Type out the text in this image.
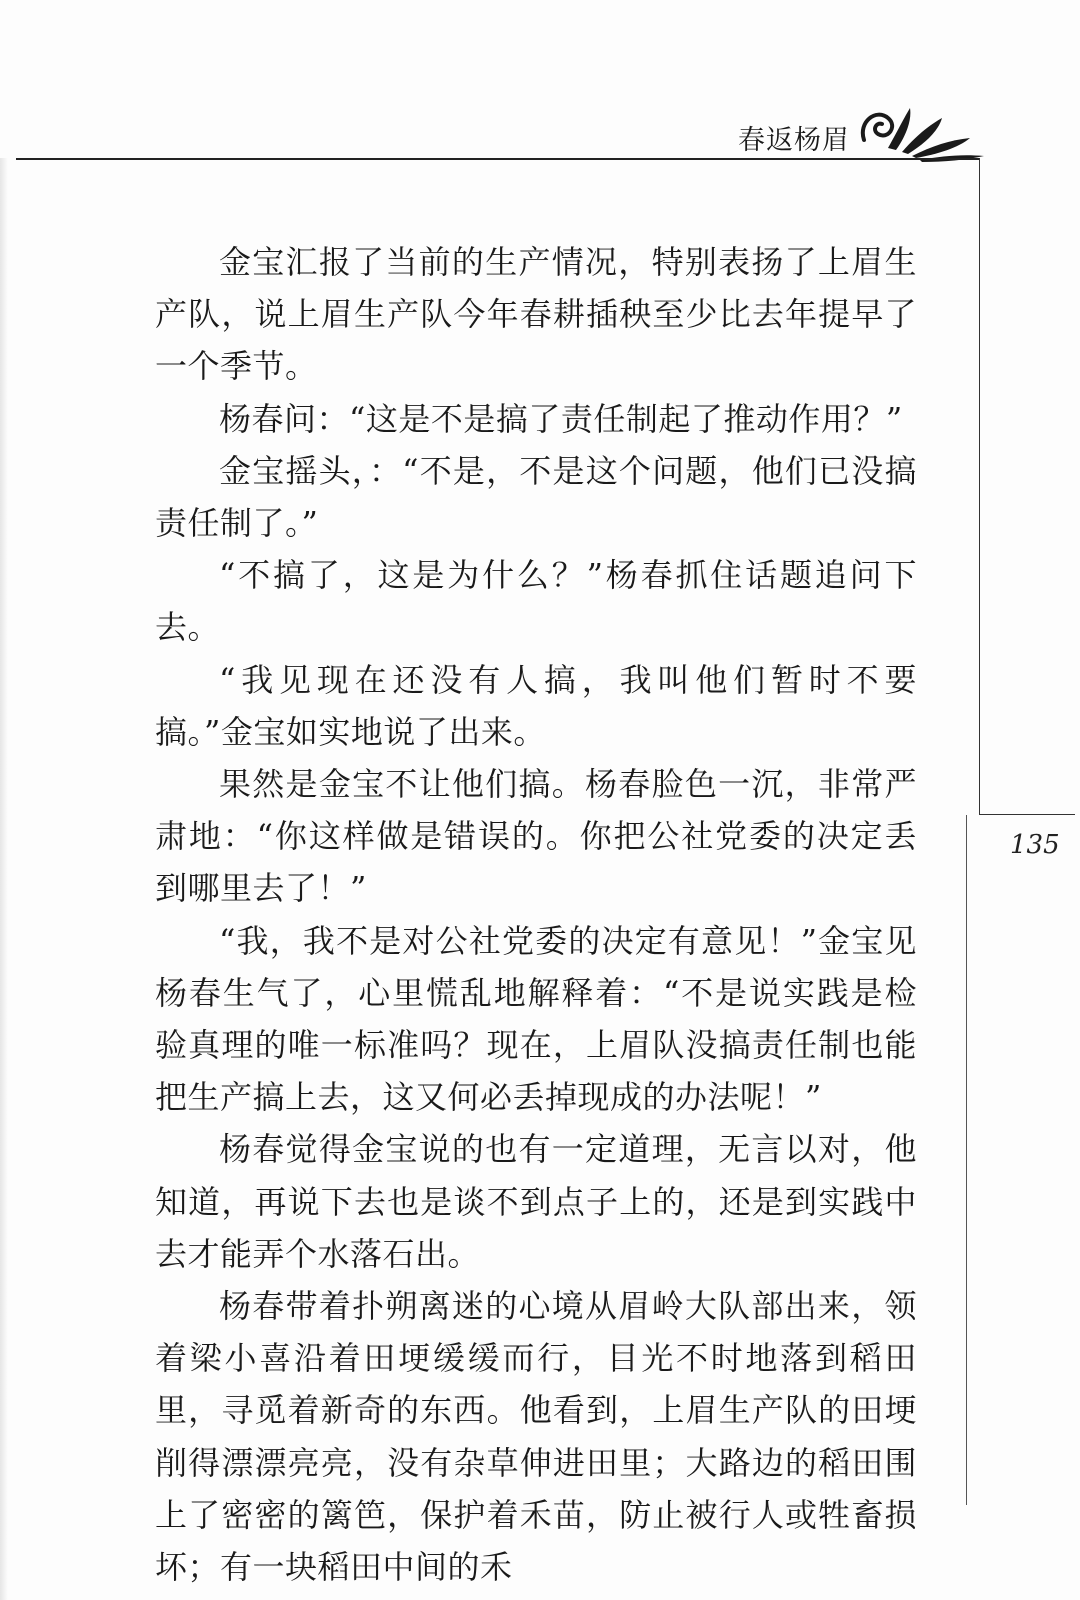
春返杨眉
135

金宝汇报了当前的生产情况，特别表扬了上眉生产队，说上眉生产队今年春耕插秧至少比去年提早了一个季节。

杨春问：“这是不是搞了责任制起了推动作用？”

金宝摇头，：“不是，不是这个问题，他们已没搞责任制了。”

“不搞了，这是为什么？”杨春抓住话题追问下去。

“我见现在还没有人搞，我叫他们暂时不要搞。”金宝如实地说了出来。

果然是金宝不让他们搞。杨春脸色一沉，非常严肃地：“你这样做是错误的。你把公社党委的决定丢到哪里去了！”

“我，我不是对公社党委的决定有意见！”金宝见杨春生气了，心里慌乱地解释着：“不是说实践是检验真理的唯一标准吗？现在，上眉队没搞责任制也能把生产搞上去，这又何必丢掉现成的办法呢！”

杨春觉得金宝说的也有一定道理，无言以对，他知道，再说下去也是谈不到点子上的，还是到实践中去才能弄个水落石出。

杨春带着扑朔离迷的心境从眉岭大队部出来，领着梁小喜沿着田埂缓缓而行，目光不时地落到稻田里，寻觅着新奇的东西。他看到，上眉生产队的田埂削得漂漂亮亮，没有杂草伸进田里；大路边的稻田围上了密密的篱笆，保护着禾苗，防止被行人或牲畜损坏；有一块稻田中间的禾
